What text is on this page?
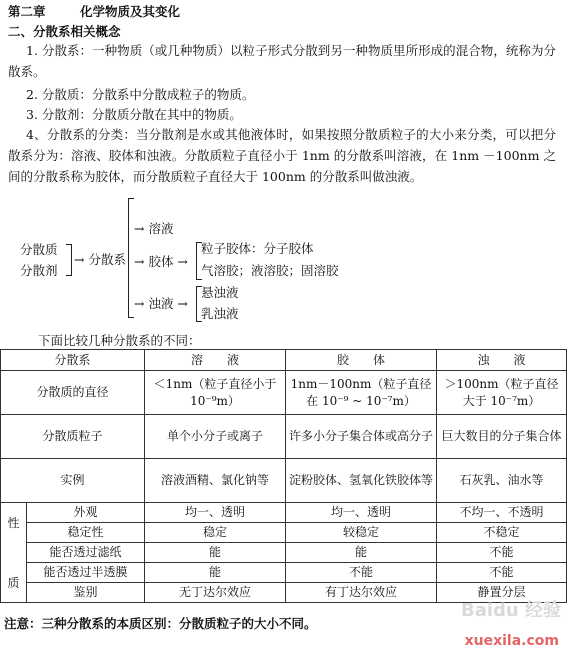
第二章	化学物质及其变化
二、分散系相关概念
1. 分散系：一种物质（或几种物质）以粒子形式分散到另一种物质里所形成的混合物，统称为分散系。
2. 分散质：分散系中分散成粒子的物质。
3. 分散剂：分散质分散在其中的物质。
4、分散系的分类：当分散剂是水或其他液体时，如果按照分散质粒子的大小来分类，可以把分散系分为：溶液、胶体和浊液。分散质粒子直径小于 1nm 的分散系叫溶液，在 1nm －100nm 之间的分散系称为胶体，而分散质粒子直径大于 100nm 的分散系叫做浊液。
分散质
分散剂
→ 分散系
→ 溶液
→ 胶体 →
粒子胶体：分子胶体
气溶胶；液溶胶；固溶胶
→ 浊液 →
悬浊液
乳浊液
下面比较几种分散系的不同：
分散系		溶　　液	胶　　体	浊　　液
分散质的直径		＜1nm（粒子直径小于 10⁻⁹m）	1nm－100nm（粒子直径在 10⁻⁹ ~ 10⁻⁷m）	＞100nm（粒子直径大于 10⁻⁷m）
分散质粒子		单个小分子或离子	许多小分子集合体或高分子	巨大数目的分子集合体
实例		溶液酒精、氯化钠等	淀粉胶体、氢氧化铁胶体等	石灰乳、油水等
性

质	外观	均一、透明	均一、透明	不均一、不透明
	稳定性	稳定	较稳定	不稳定
	能否透过滤纸	能	能	不能
	能否透过半透膜	能	不能	不能
	鉴别	无丁达尔效应	有丁达尔效应	静置分层
注意：三种分散系的本质区别：分散质粒子的大小不同。
Baidu 经验
xuexila.com
